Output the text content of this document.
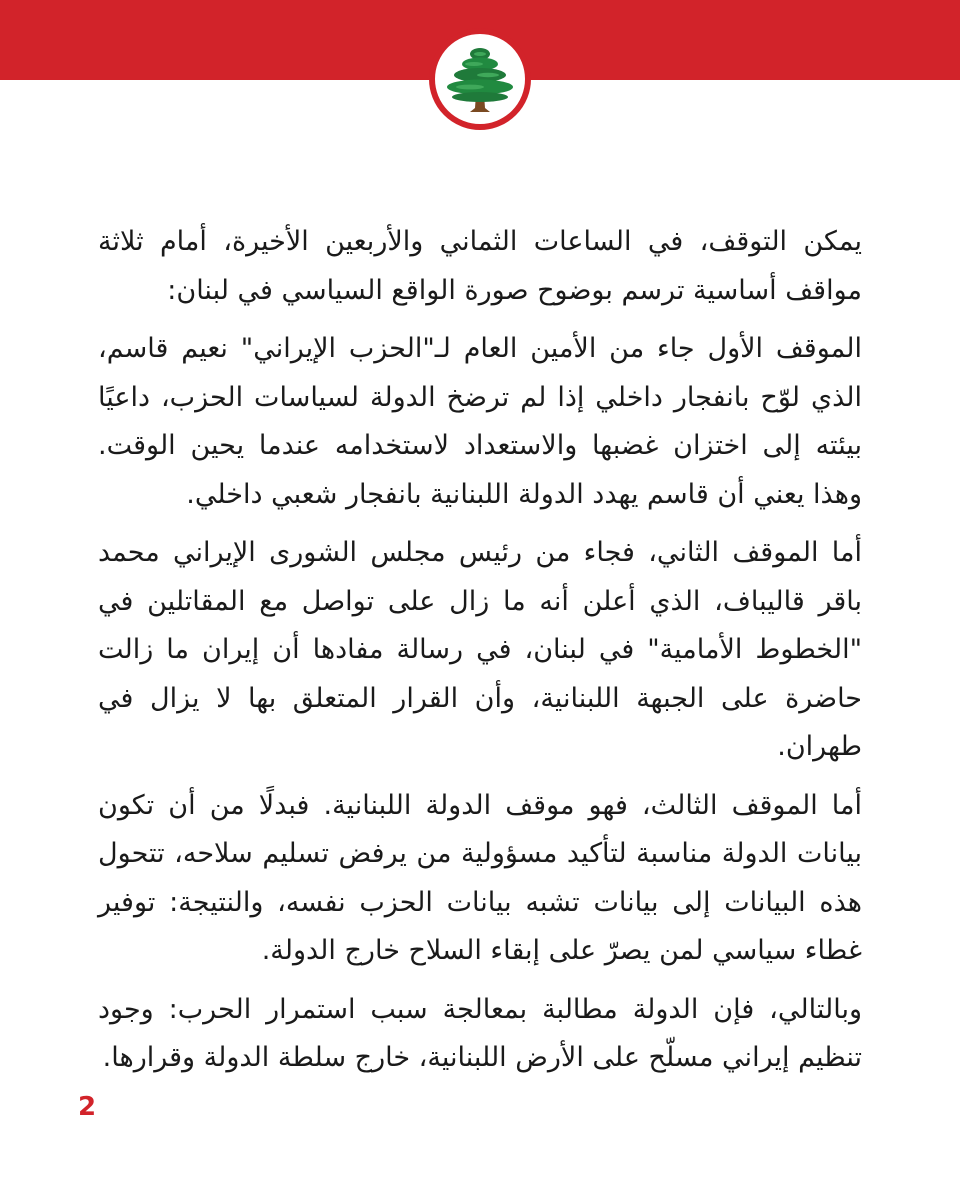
يمكن التوقف، في الساعات الثماني والأربعين الأخيرة، أمام ثلاثة مواقف أساسية ترسم بوضوح صورة الواقع السياسي في لبنان:

الموقف الأول جاء من الأمين العام لـ"الحزب الإيراني" نعيم قاسم، الذي لوّح بانفجار داخلي إذا لم ترضخ الدولة لسياسات الحزب، داعيًا بيئته إلى اختزان غضبها والاستعداد لاستخدامه عندما يحين الوقت. وهذا يعني أن قاسم يهدد الدولة اللبنانية بانفجار شعبي داخلي.

أما الموقف الثاني، فجاء من رئيس مجلس الشورى الإيراني محمد باقر قاليباف، الذي أعلن أنه ما زال على تواصل مع المقاتلين في "الخطوط الأمامية" في لبنان، في رسالة مفادها أن إيران ما زالت حاضرة على الجبهة اللبنانية، وأن القرار المتعلق بها لا يزال في طهران.

أما الموقف الثالث، فهو موقف الدولة اللبنانية. فبدلًا من أن تكون بيانات الدولة مناسبة لتأكيد مسؤولية من يرفض تسليم سلاحه، تتحول هذه البيانات إلى بيانات تشبه بيانات الحزب نفسه، والنتيجة: توفير غطاء سياسي لمن يصرّ على إبقاء السلاح خارج الدولة.

وبالتالي، فإن الدولة مطالبة بمعالجة سبب استمرار الحرب: وجود تنظيم إيراني مسلّح على الأرض اللبنانية، خارج سلطة الدولة وقرارها.

2
